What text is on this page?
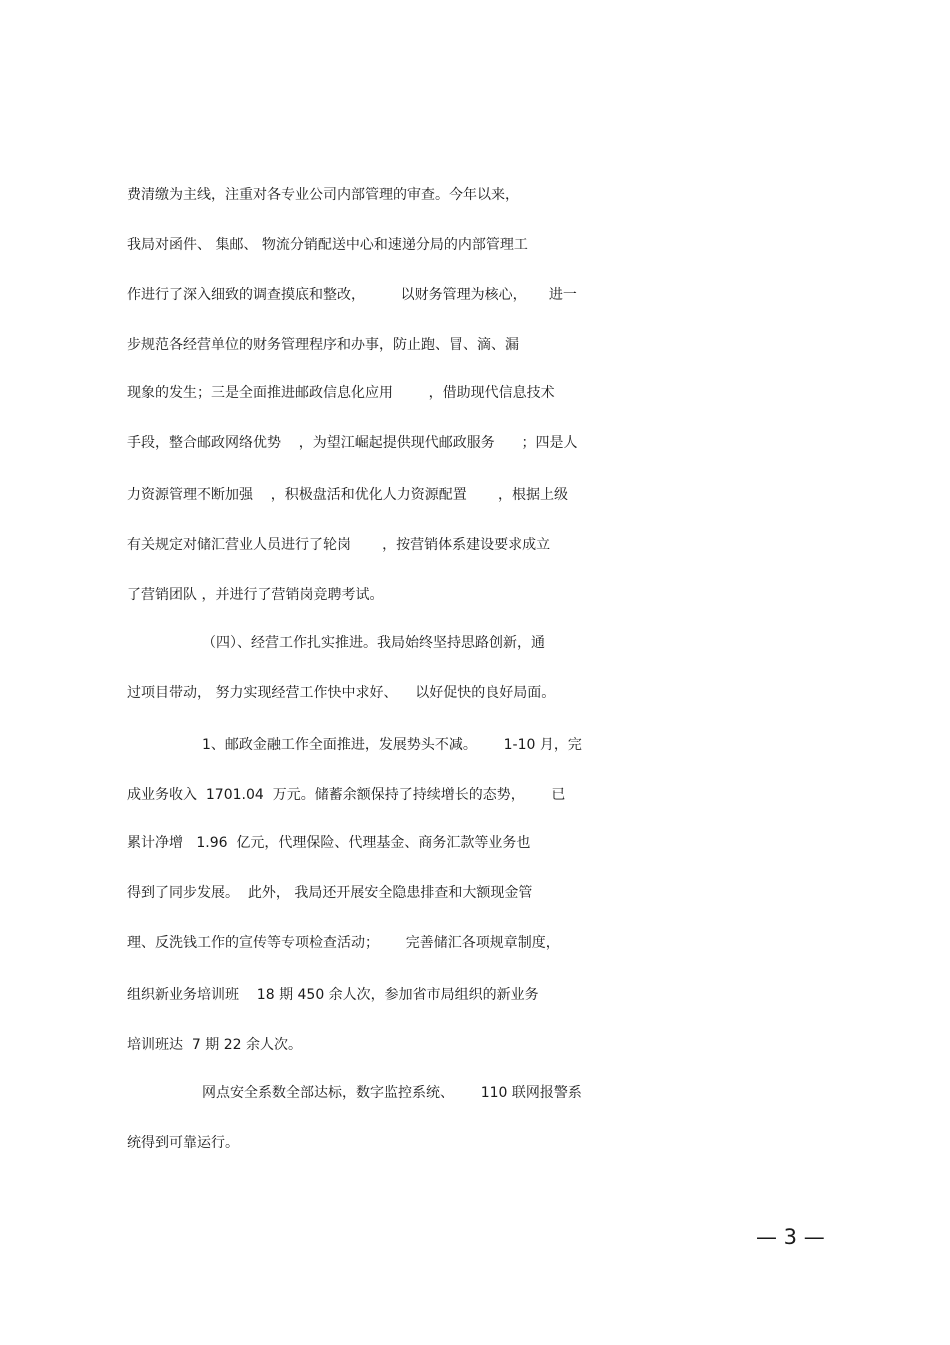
费清缴为主线，注重对各专业公司内部管理的审查。今年以来，
我局对函件、 集邮、 物流分销配送中心和速递分局的内部管理工
作进行了深入细致的调查摸底和整改，        以财务管理为核心，     进一
步规范各经营单位的财务管理程序和办事，防止跑、冒、滴、漏
现象的发生；三是全面推进邮政信息化应用        ，借助现代信息技术
手段，整合邮政网络优势    ，为望江崛起提供现代邮政服务      ；四是人
力资源管理不断加强    ，积极盘活和优化人力资源配置       ，根据上级
有关规定对储汇营业人员进行了轮岗       ，按营销体系建设要求成立
了营销团队 ，并进行了营销岗竞聘考试。
（四）、经营工作扎实推进。我局始终坚持思路创新，通
过项目带动， 努力实现经营工作快中求好、    以好促快的良好局面。
1、邮政金融工作全面推进，发展势头不减。      1-10 月，完
成业务收入  1701.04  万元。储蓄余额保持了持续增长的态势，      已
累计净增   1.96  亿元，代理保险、代理基金、商务汇款等业务也
得到了同步发展。  此外， 我局还开展安全隐患排查和大额现金管
理、反洗钱工作的宣传等专项检查活动；      完善储汇各项规章制度，
组织新业务培训班    18 期 450 余人次，参加省市局组织的新业务
培训班达  7 期 22 余人次。
网点安全系数全部达标，数字监控系统、      110 联网报警系
统得到可靠运行。
— 3 —
